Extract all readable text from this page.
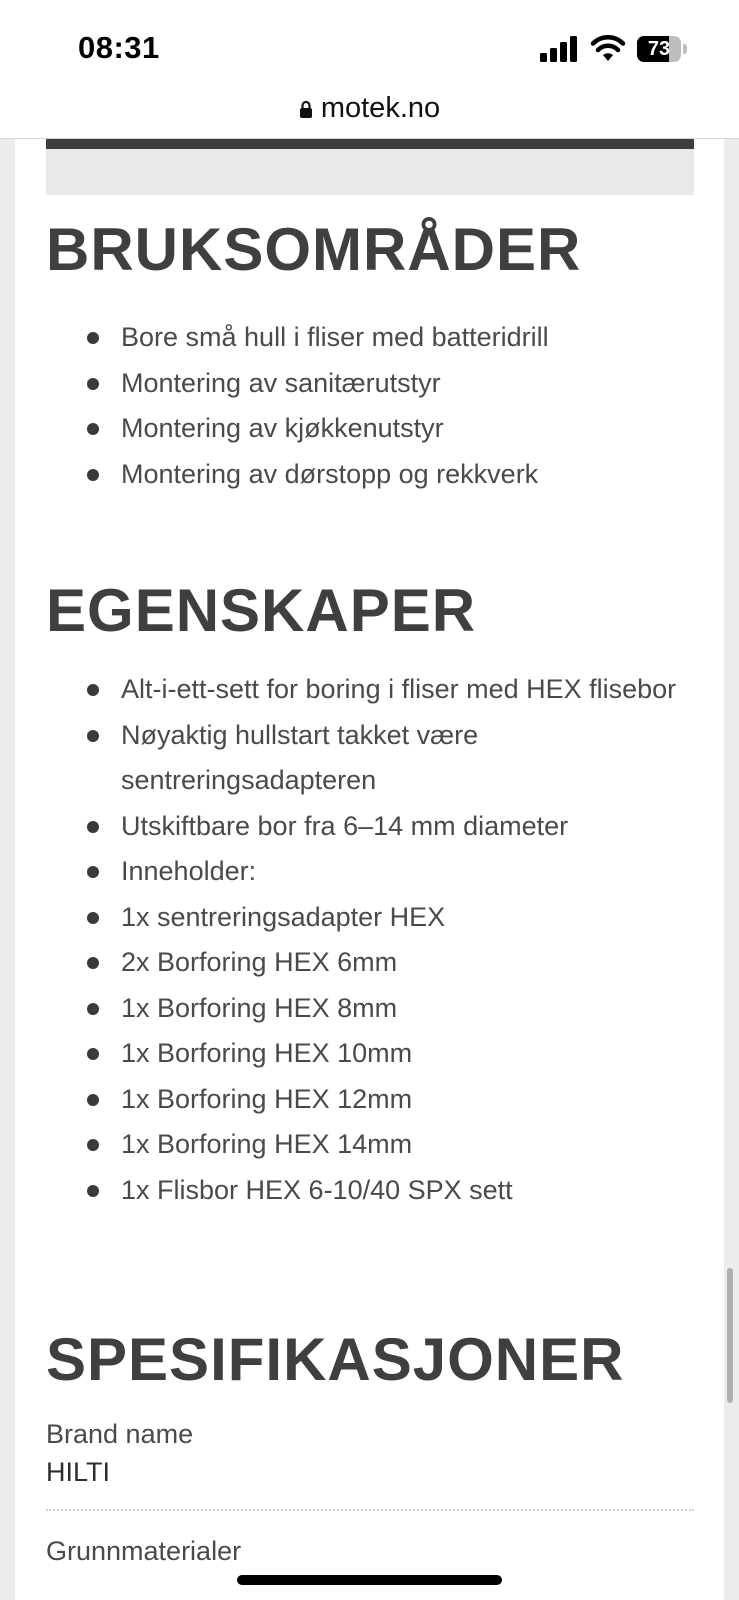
08:31	73
motek.no
BRUKSOMRÅDER
Bore små hull i fliser med batteridrill
Montering av sanitærutstyr
Montering av kjøkkenutstyr
Montering av dørstopp og rekkverk
EGENSKAPER
Alt-i-ett-sett for boring i fliser med HEX flisebor
Nøyaktig hullstart takket være sentreringsadapteren
Utskiftbare bor fra 6–14 mm diameter
Inneholder:
1x sentreringsadapter HEX
2x Borforing HEX 6mm
1x Borforing HEX 8mm
1x Borforing HEX 10mm
1x Borforing HEX 12mm
1x Borforing HEX 14mm
1x Flisbor HEX 6-10/40 SPX sett
SPESIFIKASJONER
Brand name
HILTI
Grunnmaterialer
